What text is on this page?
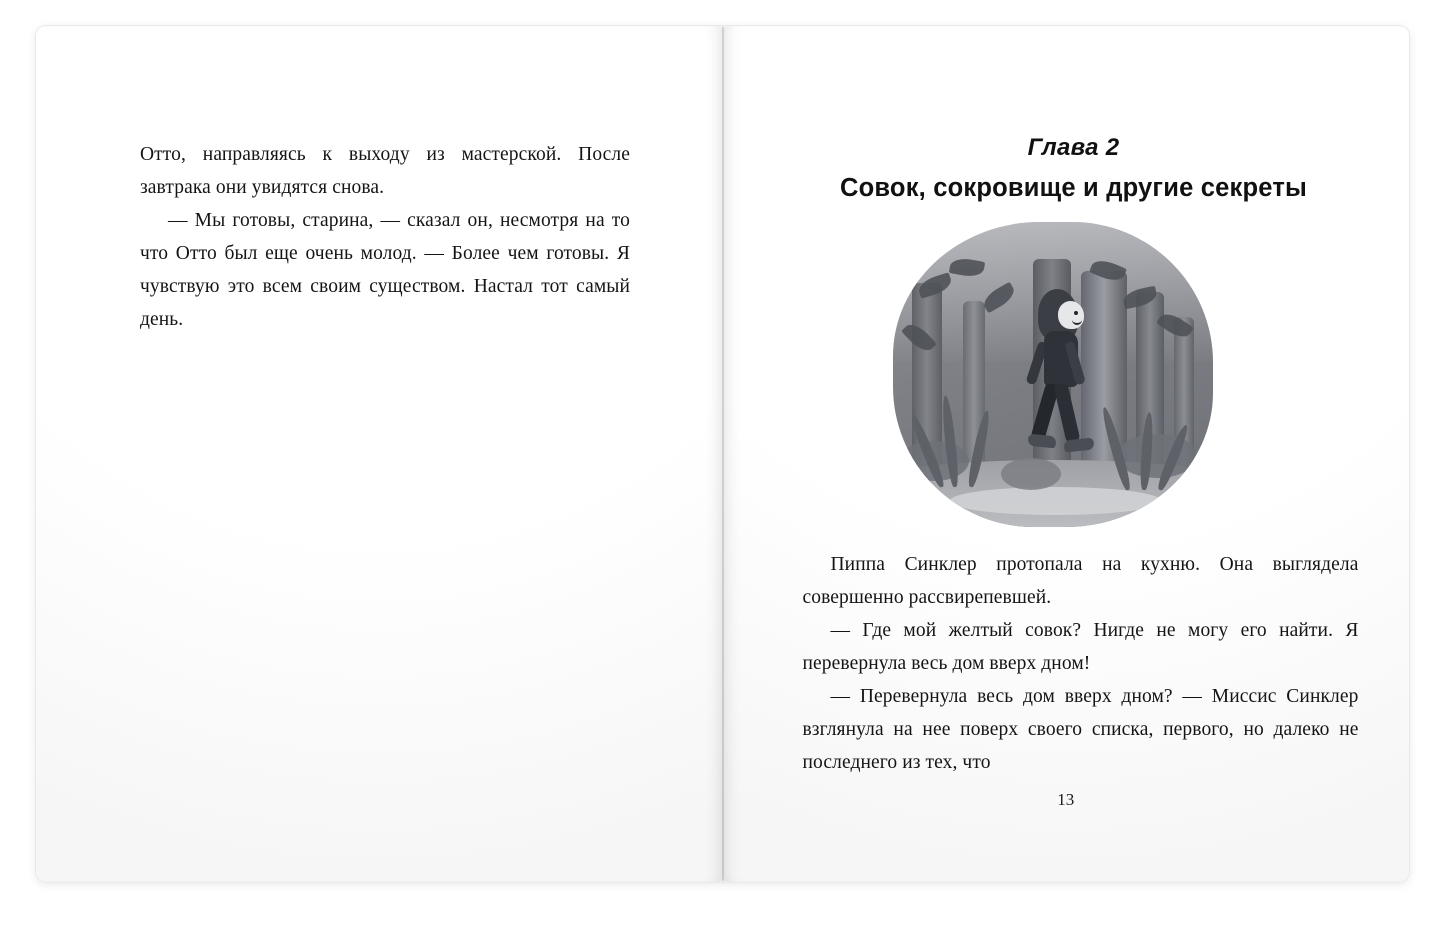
Отто, направляясь к выходу из мастерской. После завтрака они увидятся снова.

— Мы готовы, старина, — сказал он, несмотря на то что Отто был еще очень молод. — Более чем готовы. Я чувствую это всем своим существом. Настал тот самый день.

Глава 2

Совок, сокровище и другие секреты

Пиппа Синклер протопала на кухню. Она выглядела совершенно рассвирепевшей.

— Где мой желтый совок? Нигде не могу его найти. Я перевернула весь дом вверх дном!

— Перевернула весь дом вверх дном? — Миссис Синклер взглянула на нее поверх своего списка, первого, но далеко не последнего из тех, что

13
